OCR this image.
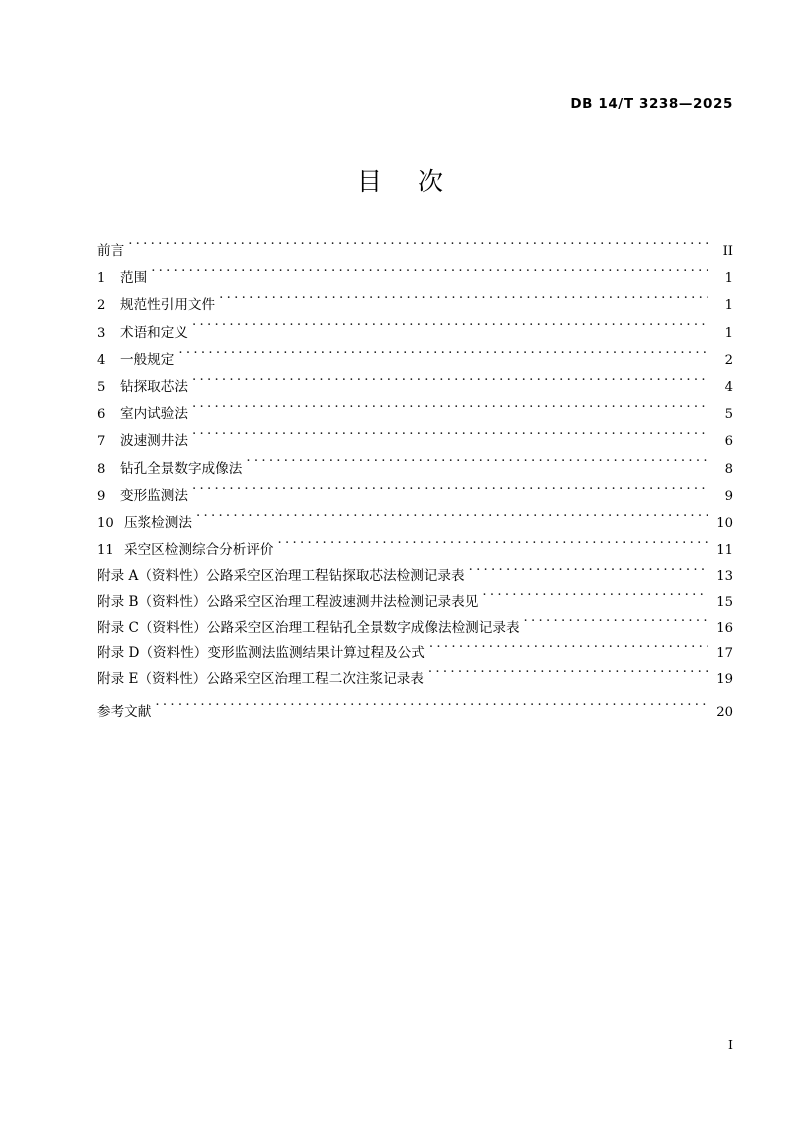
DB 14/T 3238—2025
目 次
前言 .....	II
1	范围 .....	1
2	规范性引用文件 .....	1
3	术语和定义 .....	1
4	一般规定 .....	2
5	钻探取芯法 .....	4
6	室内试验法 .....	5
7	波速测井法 .....	6
8	钻孔全景数字成像法 .....	8
9	变形监测法 .....	9
10 压浆检测法 .....	10
11 采空区检测综合分析评价 .....	11
附录 A（资料性）公路采空区治理工程钻探取芯法检测记录表 .....	13
附录 B（资料性）公路采空区治理工程波速测井法检测记录表见 .....	15
附录 C（资料性）公路采空区治理工程钻孔全景数字成像法检测记录表 .....	16
附录 D（资料性）变形监测法监测结果计算过程及公式 .....	17
附录 E（资料性）公路采空区治理工程二次注浆记录表 .....	19
参考文献 .....	20
I
